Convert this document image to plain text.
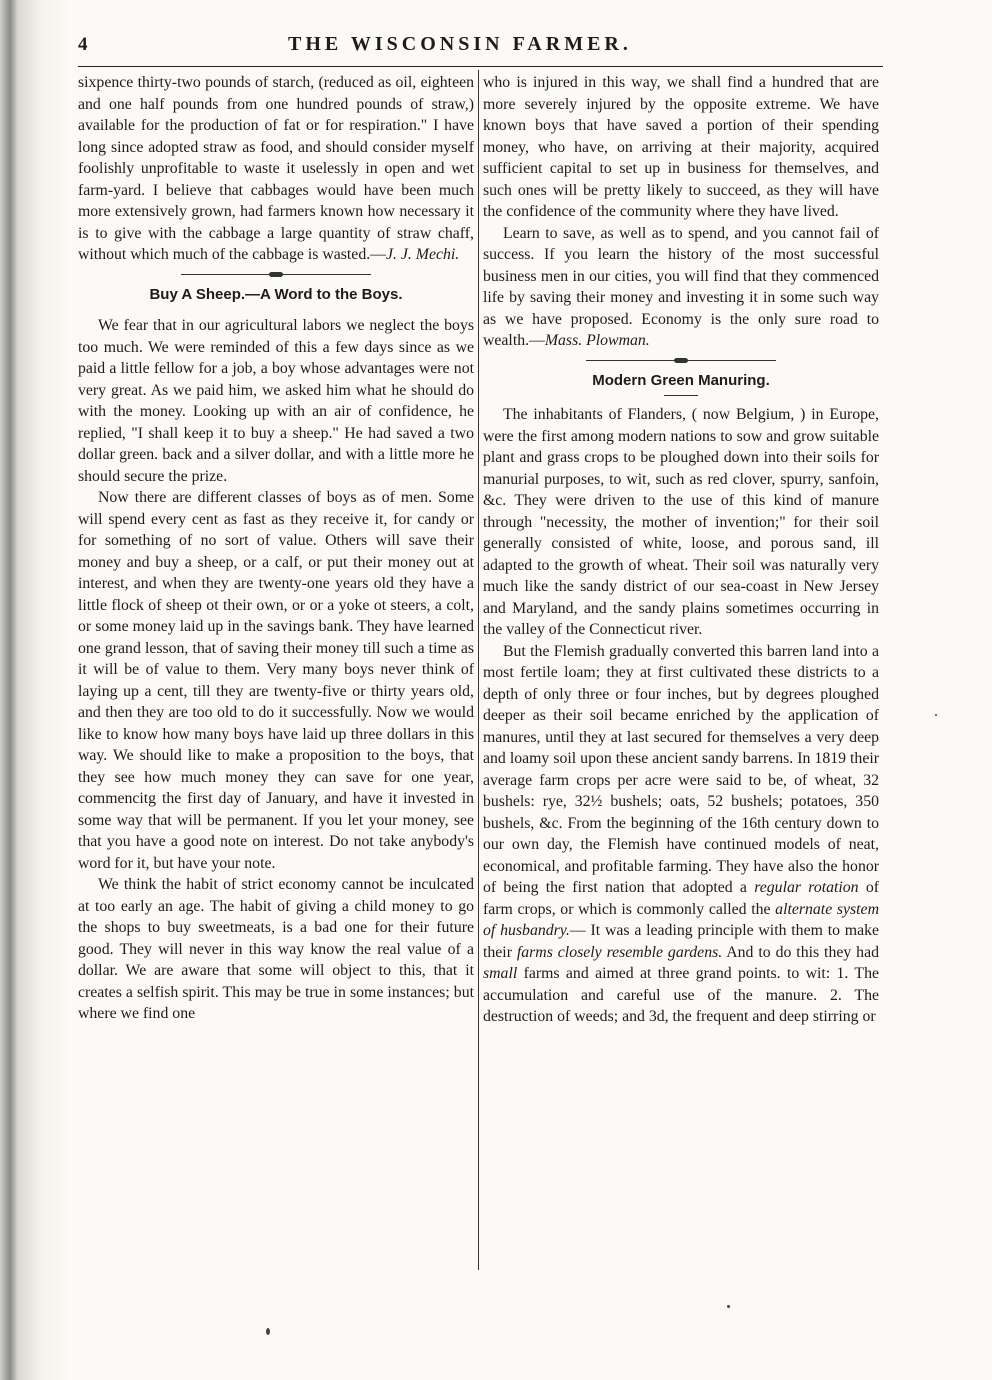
4	THE WISCONSIN FARMER.

sixpence thirty-two pounds of starch, (reduced as oil, eighteen and one half pounds from one hundred pounds of straw,) available for the production of fat or for respiration." I have long since adopted straw as food, and should consider myself foolishly unprofitable to waste it uselessly in open and wet farm-yard. I believe that cabbages would have been much more extensively grown, had farmers known how necessary it is to give with the cabbage a large quantity of straw chaff, without which much of the cabbage is wasted.—J. J. Mechi.

Buy A Sheep.—A Word to the Boys.

We fear that in our agricultural labors we neglect the boys too much. We were reminded of this a few days since as we paid a little fellow for a job, a boy whose advantages were not very great. As we paid him, we asked him what he should do with the money. Looking up with an air of confidence, he replied, "I shall keep it to buy a sheep." He had saved a two dollar green. back and a silver dollar, and with a little more he should secure the prize.

Now there are different classes of boys as of men. Some will spend every cent as fast as they receive it, for candy or for something of no sort of value. Others will save their money and buy a sheep, or a calf, or put their money out at interest, and when they are twenty-one years old they have a little flock of sheep ot their own, or or a yoke ot steers, a colt, or some money laid up in the savings bank. They have learned one grand lesson, that of saving their money till such a time as it will be of value to them. Very many boys never think of laying up a cent, till they are twenty-five or thirty years old, and then they are too old to do it successfully. Now we would like to know how many boys have laid up three dollars in this way. We should like to make a proposition to the boys, that they see how much money they can save for one year, commencitg the first day of January, and have it invested in some way that will be permanent. If you let your money, see that you have a good note on interest. Do not take anybody's word for it, but have your note.

We think the habit of strict economy cannot be inculcated at too early an age. The habit of giving a child money to go the shops to buy sweetmeats, is a bad one for their future good. They will never in this way know the real value of a dollar. We are aware that some will object to this, that it creates a selfish spirit. This may be true in some instances; but where we find one

who is injured in this way, we shall find a hundred that are more severely injured by the opposite extreme. We have known boys that have saved a portion of their spending money, who have, on arriving at their majority, acquired sufficient capital to set up in business for themselves, and such ones will be pretty likely to succeed, as they will have the confidence of the community where they have lived.

Learn to save, as well as to spend, and you cannot fail of success. If you learn the history of the most successful business men in our cities, you will find that they commenced life by saving their money and investing it in some such way as we have proposed. Economy is the only sure road to wealth.—Mass. Plowman.

Modern Green Manuring.

The inhabitants of Flanders, ( now Belgium, ) in Europe, were the first among modern nations to sow and grow suitable plant and grass crops to be ploughed down into their soils for manurial purposes, to wit, such as red clover, spurry, sanfoin, &c. They were driven to the use of this kind of manure through "necessity, the mother of invention;" for their soil generally consisted of white, loose, and porous sand, ill adapted to the growth of wheat. Their soil was naturally very much like the sandy district of our sea-coast in New Jersey and Maryland, and the sandy plains sometimes occurring in the valley of the Connecticut river.

But the Flemish gradually converted this barren land into a most fertile loam; they at first cultivated these districts to a depth of only three or four inches, but by degrees ploughed deeper as their soil became enriched by the application of manures, until they at last secured for themselves a very deep and loamy soil upon these ancient sandy barrens. In 1819 their average farm crops per acre were said to be, of wheat, 32 bushels: rye, 32½ bushels; oats, 52 bushels; potatoes, 350 bushels, &c. From the beginning of the 16th century down to our own day, the Flemish have continued models of neat, economical, and profitable farming. They have also the honor of being the first nation that adopted a regular rotation of farm crops, or which is commonly called the alternate system of husbandry.— It was a leading principle with them to make their farms closely resemble gardens. And to do this they had small farms and aimed at three grand points. to wit: 1. The accumulation and careful use of the manure. 2. The destruction of weeds; and 3d, the frequent and deep stirring or
